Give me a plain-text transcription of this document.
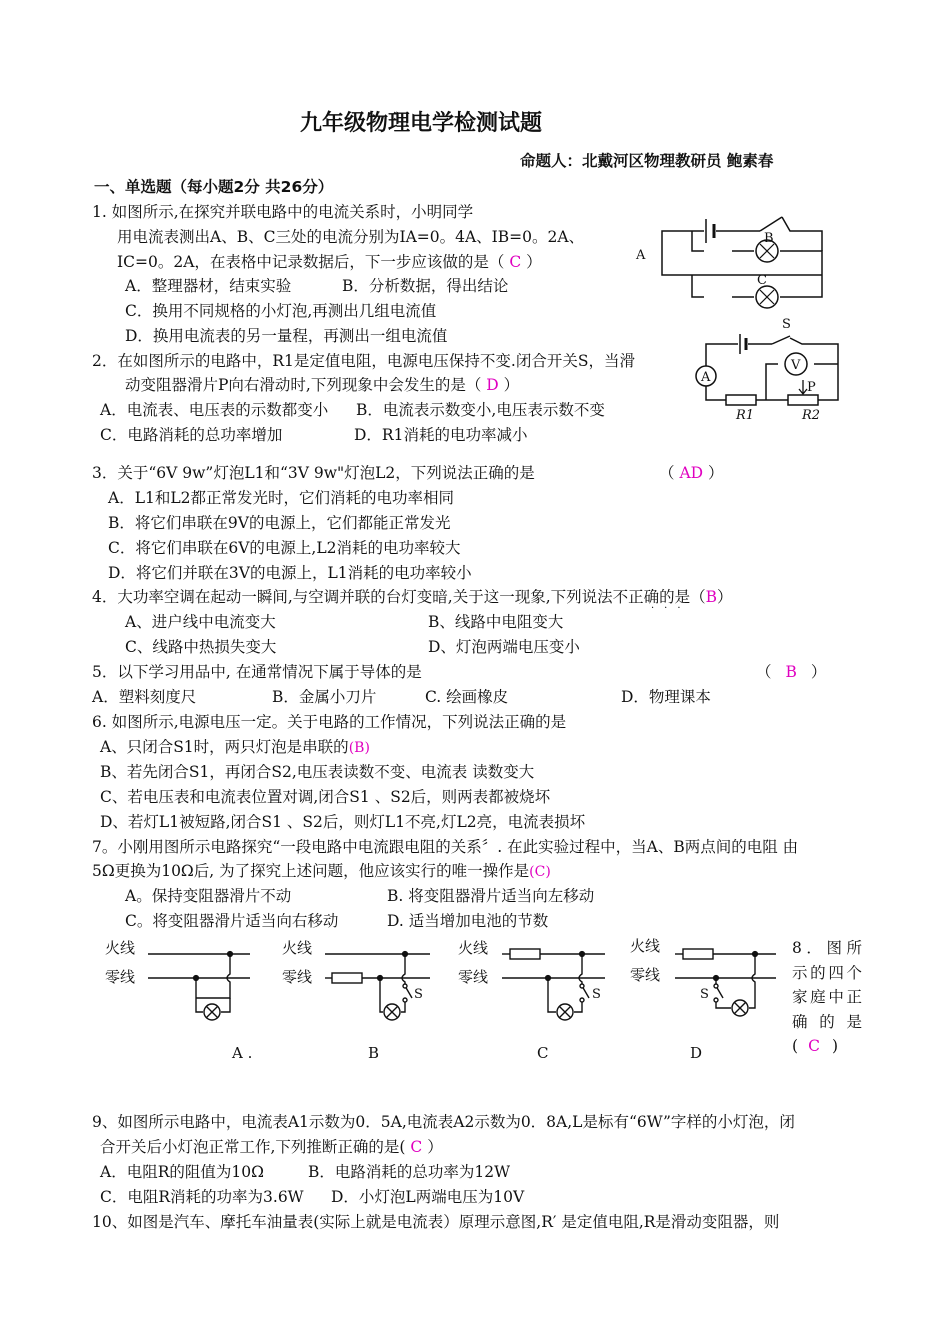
九年级物理电学检测试题
命题人：北戴河区物理教研员 鲍素春
一、单选题（每小题2分 共26分）
1. 如图所示,在探究并联电路中的电流关系时，小明同学
用电流表测出A、B、C三处的电流分别为IA=0。4A、IB=0。2A、
IC=0。2A，在表格中记录数据后，下一步应该做的是（ C ）
A．整理器材，结束实验	B．分析数据，得出结论
C．换用不同规格的小灯泡,再测出几组电流值
D．换用电流表的另一量程，再测出一组电流值
A
B
C
2．在如图所示的电路中，R1是定值电阻，电源电压保持不变.闭合开关S，当滑
动变阻器滑片P向右滑动时,下列现象中会发生的是（ D ）
A．电流表、电压表的示数都变小 B．电流表示数变小,电压表示数不变
C．电路消耗的总功率增加	D．R1消耗的电功率减小
S
V
A
P
R1	R2
3．关于“6V 9w”灯泡L1和“3V 9w"灯泡L2，下列说法正确的是	（ AD ）
A．L1和L2都正常发光时，它们消耗的电功率相同
B．将它们串联在9V的电源上，它们都能正常发光
C．将它们串联在6V的电源上,L2消耗的电功率较大
D．将它们并联在3V的电源上，L1消耗的电功率较小
4．大功率空调在起动一瞬间,与空调并联的台灯变暗,关于这一现象,下列说法不正确的是（B）
···
A、进户线中电流变大	B、线路中电阻变大
C、线路中热损失变大	D、灯泡两端电压变小
5．以下学习用品中, 在通常情况下属于导体的是	（ B ）
A．塑料刻度尺	B．金属小刀片	C. 绘画橡皮	D．物理课本
6. 如图所示,电源电压一定。关于电路的工作情况，下列说法正确的是
A、只闭合S1时，两只灯泡是串联的(B)
B、若先闭合S1，再闭合S2,电压表读数不变、电流表 读数变大
C、若电压表和电流表位置对调,闭合S1 、S2后，则两表都被烧坏
D、若灯L1被短路,闭合S1 、S2后，则灯L1不亮,灯L2亮，电流表损坏
7。小刚用图所示电路探究“一段电路中电流跟电阻的关系〞. 在此实验过程中，当A、B两点间的电阻 由
5Ω更换为10Ω后, 为了探究上述问题，他应该实行的唯一操作是(C)
A。保持变阻器滑片不动	B. 将变阻器滑片适当向左移动
C。将变阻器滑片适当向右移动	D. 适当增加电池的节数
火线
零线
火线
零线
S
火线
零线
S
火线
零线
S
A .	B	C	D
8．图所示的四个家庭中正确的是( C )
9、如图所示电路中，电流表A1示数为0．5A,电流表A2示数为0．8A,L是标有“6W”字样的小灯泡，闭
合开关后小灯泡正常工作,下列推断正确的是( C ）
A．电阻R的阻值为10Ω	B．电路消耗的总功率为12W
C．电阻R消耗的功率为3.6W D．小灯泡L两端电压为10V
10、如图是汽车、摩托车油量表(实际上就是电流表）原理示意图,R′ 是定值电阻,R是滑动变阻器，则
